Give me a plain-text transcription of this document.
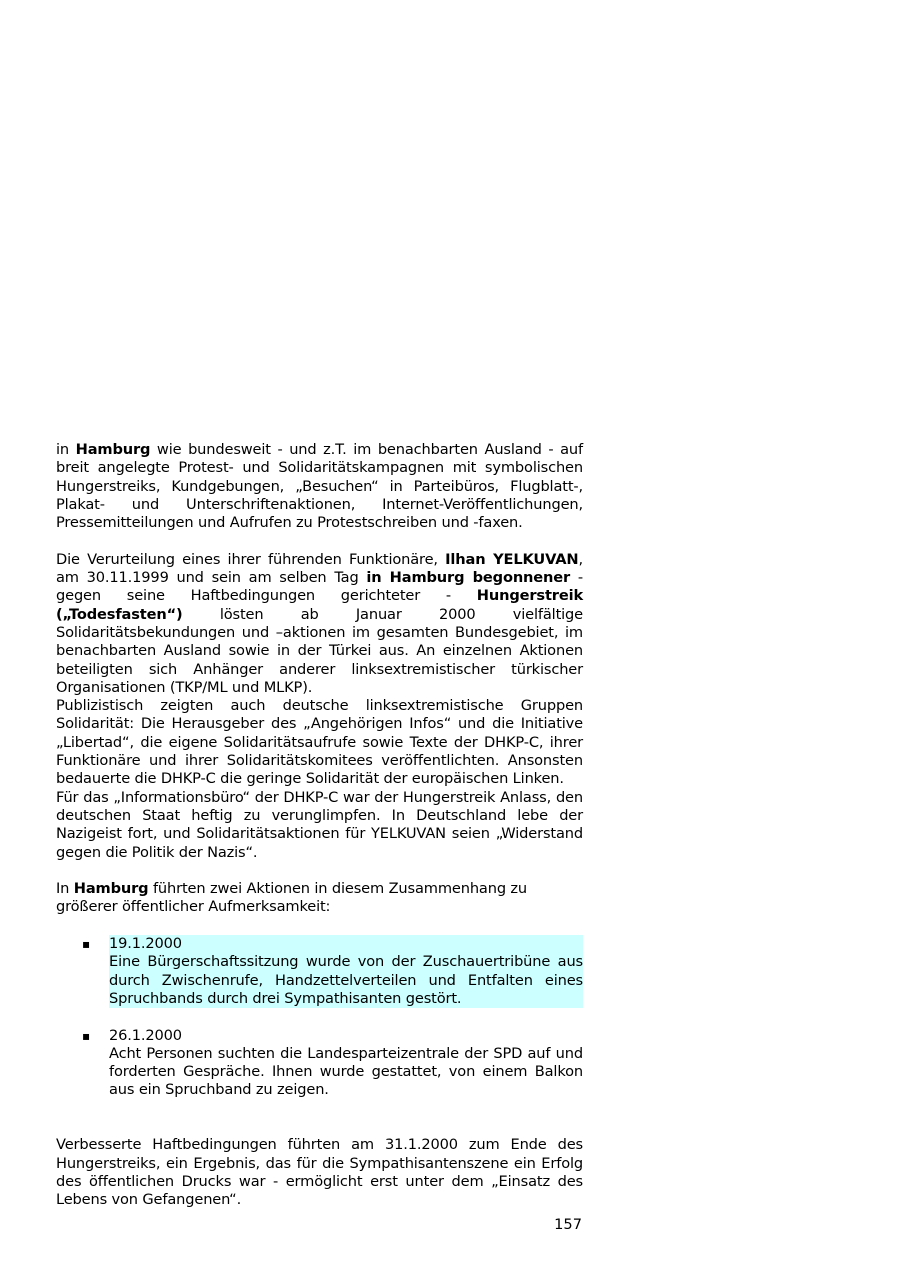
in Hamburg wie bundesweit - und z.T. im benachbarten Ausland - auf breit angelegte Protest- und Solidaritätskampagnen mit symbolischen Hungerstreiks, Kundgebungen, „Besuchen“ in Parteibüros, Flugblatt-, Plakat- und Unterschriftenaktionen, Internet-Veröffentlichungen, Pressemitteilungen und Aufrufen zu Protestschreiben und -faxen.

Die Verurteilung eines ihrer führenden Funktionäre, Ilhan YELKUVAN, am 30.11.1999 und sein am selben Tag in Hamburg begonnener - gegen seine Haftbedingungen gerichteter - Hungerstreik („Todesfasten“) lösten ab Januar 2000 vielfältige Solidaritätsbekundungen und –aktionen im gesamten Bundesgebiet, im benachbarten Ausland sowie in der Türkei aus. An einzelnen Aktionen beteiligten sich Anhänger anderer linksextremistischer türkischer Organisationen (TKP/ML und MLKP).

Publizistisch zeigten auch deutsche linksextremistische Gruppen Solidarität: Die Herausgeber des „Angehörigen Infos“ und die Initiative „Libertad“, die eigene Solidaritätsaufrufe sowie Texte der DHKP-C, ihrer Funktionäre und ihrer Solidaritätskomitees veröffentlichten. Ansonsten bedauerte die DHKP-C die geringe Solidarität der europäischen Linken.

Für das „Informationsbüro“ der DHKP-C war der Hungerstreik Anlass, den deutschen Staat heftig zu verunglimpfen. In Deutschland lebe der Nazigeist fort, und Solidaritätsaktionen für YELKUVAN seien „Widerstand gegen die Politik der Nazis“.

In Hamburg führten zwei Aktionen in diesem Zusammenhang zu größerer öffentlicher Aufmerksamkeit:

▪ 19.1.2000
Eine Bürgerschaftssitzung wurde von der Zuschauertribüne aus durch Zwischenrufe, Handzettelverteilen und Entfalten eines Spruchbands durch drei Sympathisanten gestört.
▪ 26.1.2000
Acht Personen suchten die Landesparteizentrale der SPD auf und forderten Gespräche. Ihnen wurde gestattet, von einem Balkon aus ein Spruchband zu zeigen.

Verbesserte Haftbedingungen führten am 31.1.2000 zum Ende des Hungerstreiks, ein Ergebnis, das für die Sympathisantenszene ein Erfolg des öffentlichen Drucks war - ermöglicht erst unter dem „Einsatz des Lebens von Gefangenen“.

157
